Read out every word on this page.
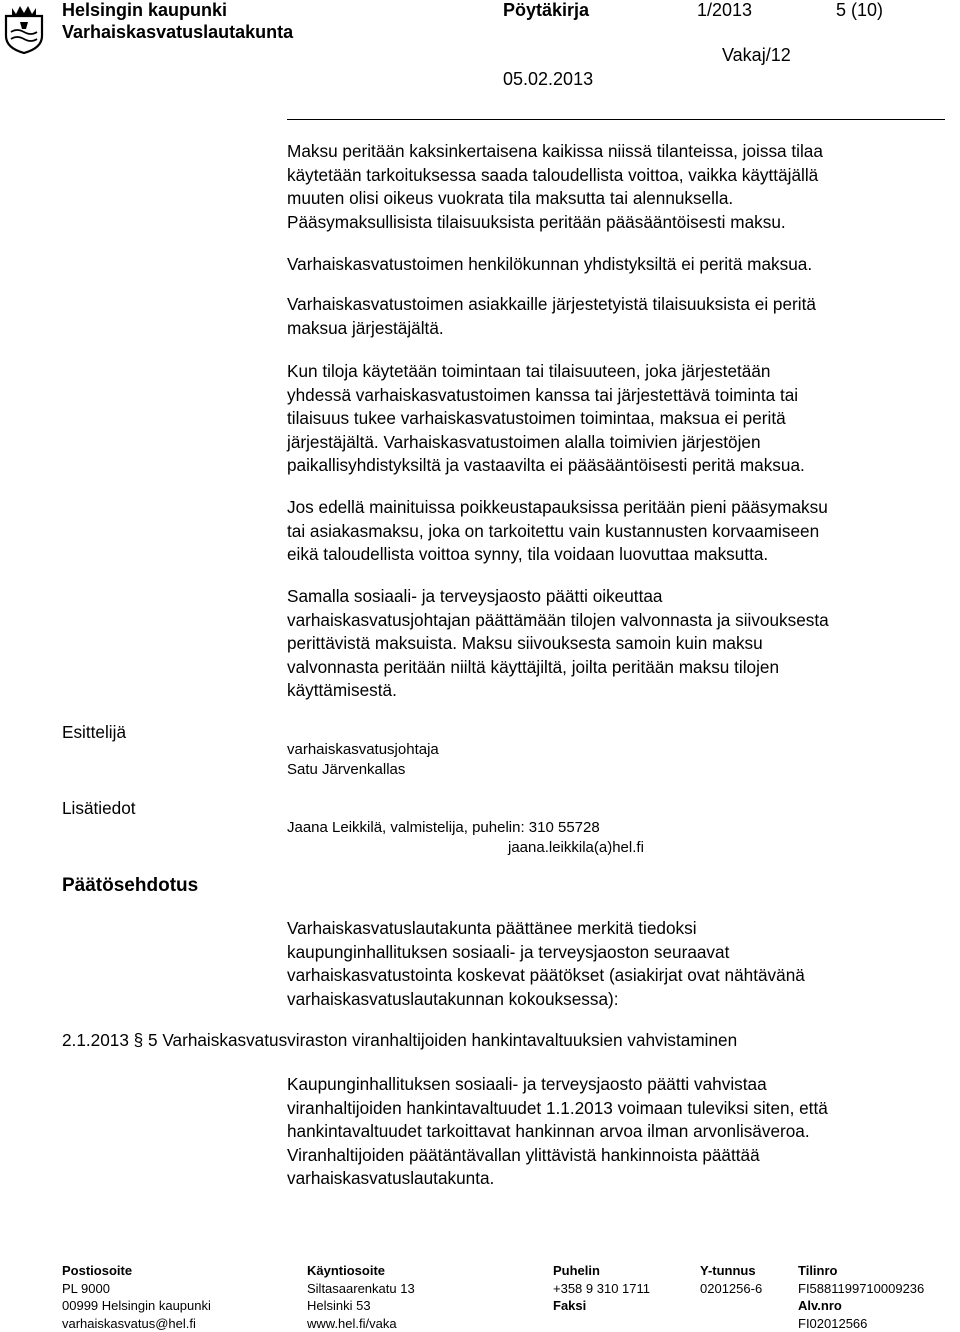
Helsingin kaupunki
Varhaiskasvatuslautakunta
Pöytäkirja	1/2013	5 (10)
Vakaj/12
05.02.2013

Maksu peritään kaksinkertaisena kaikissa niissä tilanteissa, joissa tilaa

käytetään tarkoituksessa saada taloudellista voittoa, vaikka käyttäjällä

muuten olisi oikeus vuokrata tila maksutta tai alennuksella.

Pääsymaksullisista tilaisuuksista peritään pääsääntöisesti maksu.

Varhaiskasvatustoimen henkilökunnan yhdistyksiltä ei peritä maksua.

Varhaiskasvatustoimen asiakkaille järjestetyistä tilaisuuksista ei peritä

maksua järjestäjältä.

Kun tiloja käytetään toimintaan tai tilaisuuteen, joka järjestetään

yhdessä varhaiskasvatustoimen kanssa tai järjestettävä toiminta tai

tilaisuus tukee varhaiskasvatustoimen toimintaa, maksua ei peritä

järjestäjältä. Varhaiskasvatustoimen alalla toimivien järjestöjen

paikallisyhdistyksiltä ja vastaavilta ei pääsääntöisesti peritä maksua.

Jos edellä mainituissa poikkeustapauksissa peritään pieni pääsymaksu

tai asiakasmaksu, joka on tarkoitettu vain kustannusten korvaamiseen

eikä taloudellista voittoa synny, tila voidaan luovuttaa maksutta.

Samalla sosiaali- ja terveysjaosto päätti oikeuttaa

varhaiskasvatusjohtajan päättämään tilojen valvonnasta ja siivouksesta

perittävistä maksuista. Maksu siivouksesta samoin kuin maksu

valvonnasta peritään niiltä käyttäjiltä, joilta peritään maksu tilojen

käyttämisestä.

Esittelijä

varhaiskasvatusjohtaja

Satu Järvenkallas

Lisätiedot

Jaana Leikkilä, valmistelija, puhelin: 310 55728

jaana.leikkila(a)hel.fi

Päätösehdotus

Varhaiskasvatuslautakunta päättänee merkitä tiedoksi

kaupunginhallituksen sosiaali- ja terveysjaoston seuraavat

varhaiskasvatustointa koskevat päätökset (asiakirjat ovat nähtävänä

varhaiskasvatuslautakunnan kokouksessa):

2.1.2013 § 5 Varhaiskasvatusviraston viranhaltijoiden hankintavaltuuksien vahvistaminen

Kaupunginhallituksen sosiaali- ja terveysjaosto päätti vahvistaa

viranhaltijoiden hankintavaltuudet 1.1.2013 voimaan tuleviksi siten, että

hankintavaltuudet tarkoittavat hankinnan arvoa ilman arvonlisäveroa.

Viranhaltijoiden päätäntävallan ylittävistä hankinnoista päättää

varhaiskasvatuslautakunta.

Postiosoite
PL 9000
00999 Helsingin kaupunki
varhaiskasvatus@hel.fi
Käyntiosoite
Siltasaarenkatu 13
Helsinki 53
www.hel.fi/vaka
Puhelin
+358 9 310 1711
Faksi
Y-tunnus
0201256-6
Tilinro
FI5881199710009236
Alv.nro
FI02012566
